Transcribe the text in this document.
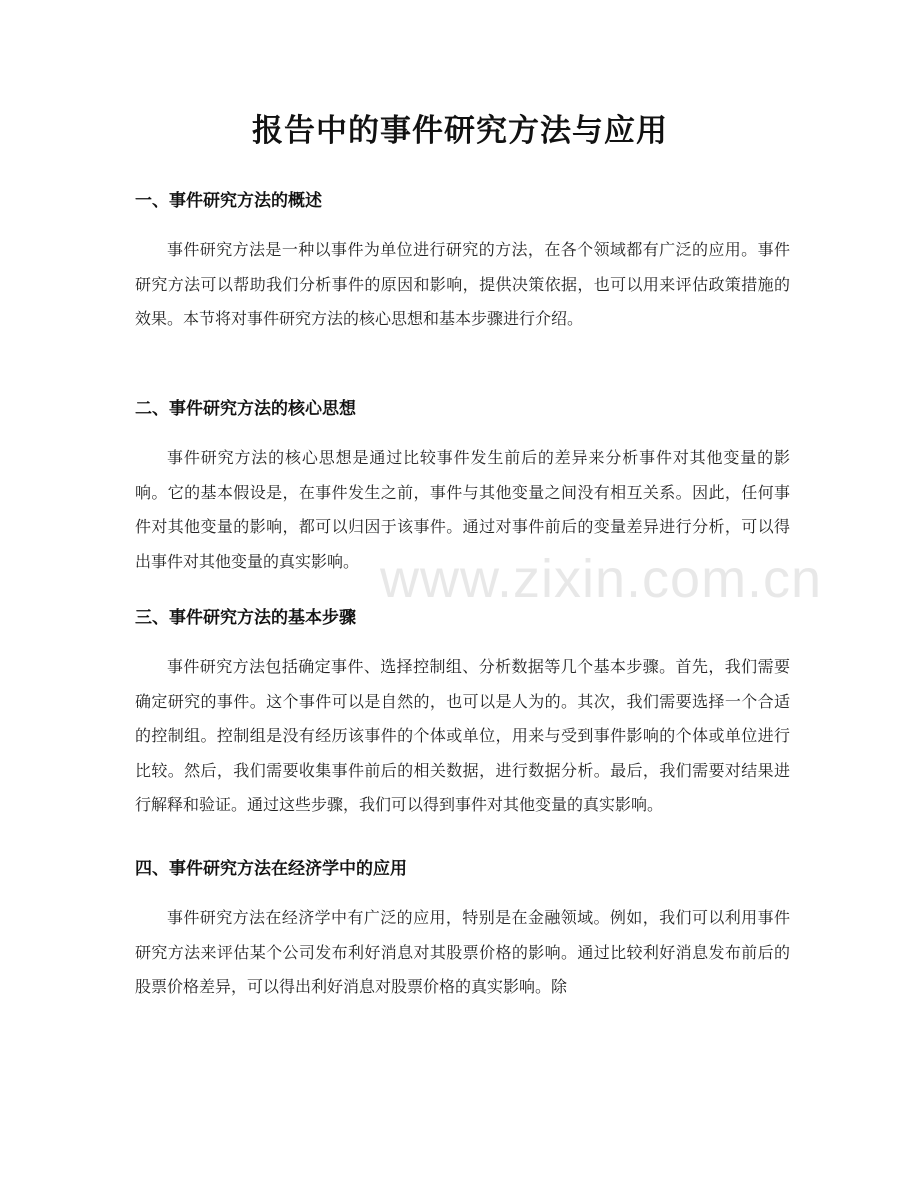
报告中的事件研究方法与应用
www.zixin.com.cn
一、事件研究方法的概述

事件研究方法是一种以事件为单位进行研究的方法，在各个领域都有广泛的应用。事件研究方法可以帮助我们分析事件的原因和影响，提供决策依据，也可以用来评估政策措施的效果。本节将对事件研究方法的核心思想和基本步骤进行介绍。

二、事件研究方法的核心思想

事件研究方法的核心思想是通过比较事件发生前后的差异来分析事件对其他变量的影响。它的基本假设是，在事件发生之前，事件与其他变量之间没有相互关系。因此，任何事件对其他变量的影响，都可以归因于该事件。通过对事件前后的变量差异进行分析，可以得出事件对其他变量的真实影响。

三、事件研究方法的基本步骤

事件研究方法包括确定事件、选择控制组、分析数据等几个基本步骤。首先，我们需要确定研究的事件。这个事件可以是自然的，也可以是人为的。其次，我们需要选择一个合适的控制组。控制组是没有经历该事件的个体或单位，用来与受到事件影响的个体或单位进行比较。然后，我们需要收集事件前后的相关数据，进行数据分析。最后，我们需要对结果进行解释和验证。通过这些步骤，我们可以得到事件对其他变量的真实影响。

四、事件研究方法在经济学中的应用

事件研究方法在经济学中有广泛的应用，特别是在金融领域。例如，我们可以利用事件研究方法来评估某个公司发布利好消息对其股票价格的影响。通过比较利好消息发布前后的股票价格差异，可以得出利好消息对股票价格的真实影响。除
